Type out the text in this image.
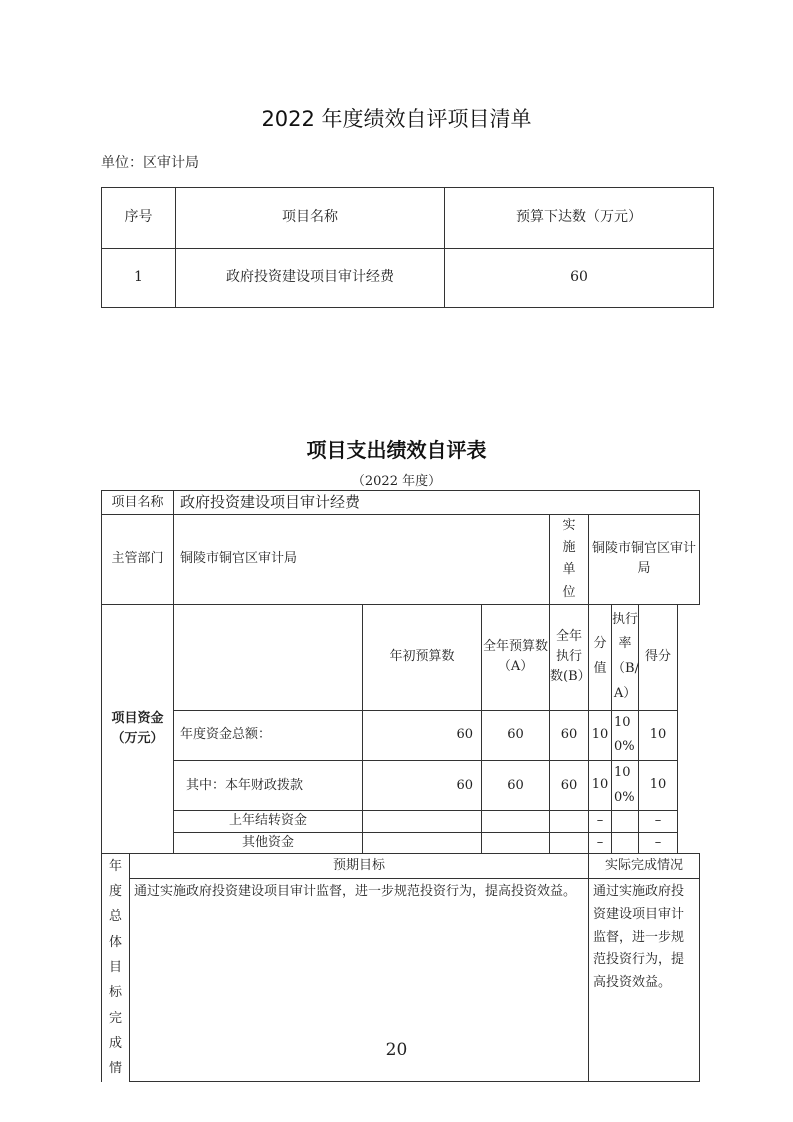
2022 年度绩效自评项目清单
单位：区审计局
序号	项目名称	预算下达数（万元）
1	政府投资建设项目审计经费	60
项目支出绩效自评表
（2022 年度）
项目名称		政府投资建设项目审计经费						
主管部门		铜陵市铜官区审计局			实施单位	铜陵市铜官区审计局		
项目资金（万元）			年初预算数	全年预算数（A）	全年执行数(B）	分值	执行率（B/A）	得分
		年度资金总额：	60	60	60	10	100%	10
		其中：本年财政拨款	60	60	60	10	100%	10
		上年结转资金				–		–
		其他资金				–		–

年度总体目标完成情	预期目标					实际完成情况		
	通过实施政府投资建设项目审计监督，进一步规范投资行为，提高投资效益。					通过实施政府投资建设项目审计监督，进一步规范投资行为，提高投资效益。		
20
